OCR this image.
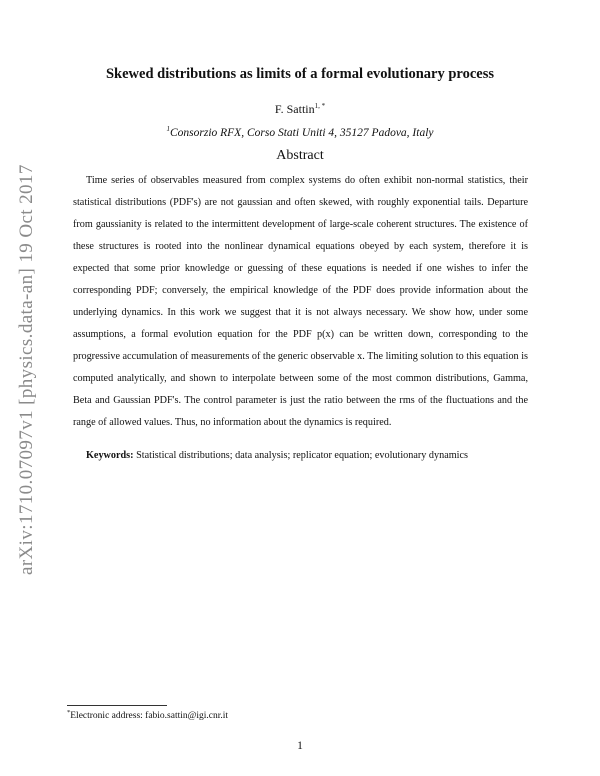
arXiv:1710.07097v1 [physics.data-an] 19 Oct 2017
Skewed distributions as limits of a formal evolutionary process
F. Sattin$^{1, *}$
$^1$Consorzio RFX, Corso Stati Uniti 4, 35127 Padova, Italy
Abstract

Time series of observables measured from complex systems do often exhibit non-normal statistics, their statistical distributions (PDF's) are not gaussian and often skewed, with roughly exponential tails. Departure from gaussianity is related to the intermittent development of large-scale coherent structures. The existence of these structures is rooted into the nonlinear dynamical equations obeyed by each system, therefore it is expected that some prior knowledge or guessing of these equations is needed if one wishes to infer the corresponding PDF; conversely, the empirical knowledge of the PDF does provide information about the underlying dynamics. In this work we suggest that it is not always necessary. We show how, under some assumptions, a formal evolution equation for the PDF p(x) can be written down, corresponding to the progressive accumulation of measurements of the generic observable x. The limiting solution to this equation is computed analytically, and shown to interpolate between some of the most common distributions, Gamma, Beta and Gaussian PDF's. The control parameter is just the ratio between the rms of the fluctuations and the range of allowed values. Thus, no information about the dynamics is required.

Keywords: Statistical distributions; data analysis; replicator equation; evolutionary dynamics
*Electronic address: fabio.sattin@igi.cnr.it
1
